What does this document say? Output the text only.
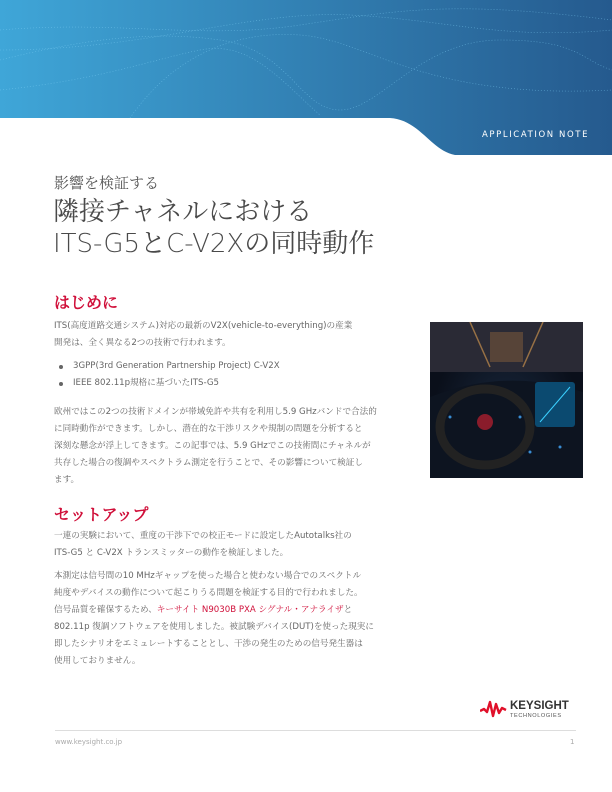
APPLICATION NOTE
影響を検証する
隣接チャネルにおける
ITS-G5とC-V2Xの同時動作
はじめに
ITS(高度道路交通システム)対応の最新のV2X(vehicle-to-everything)の産業
開発は、全く異なる2つの技術で行われます。
3GPP(3rd Generation Partnership Project) C-V2X
IEEE 802.11p規格に基づいたITS-G5
欧州ではこの2つの技術ドメインが帯域免許や共有を利用し5.9 GHzバンドで合法的
に同時動作ができます。しかし、潜在的な干渉リスクや規制の問題を分析すると
深刻な懸念が浮上してきます。この記事では、5.9 GHzでこの技術間にチャネルが
共存した場合の復調やスペクトラム測定を行うことで、その影響について検証し
ます。
セットアップ
一連の実験において、重度の干渉下での校正モードに設定したAutotalks社の
ITS-G5 と C-V2X トランスミッターの動作を検証しました。
本測定は信号間の10 MHzギャップを使った場合と使わない場合でのスペクトル
純度やデバイスの動作について起こりうる問題を検証する目的で行われました。
信号品質を確保するため、キーサイト N9030B PXA シグナル・アナライザと
802.11p 復調ソフトウェアを使用しました。被試験デバイス(DUT)を使った現実に
即したシナリオをエミュレートすることとし、干渉の発生のための信号発生器は
使用しておりません。
KEYSIGHT
TECHNOLOGIES
www.keysight.co.jp	1
